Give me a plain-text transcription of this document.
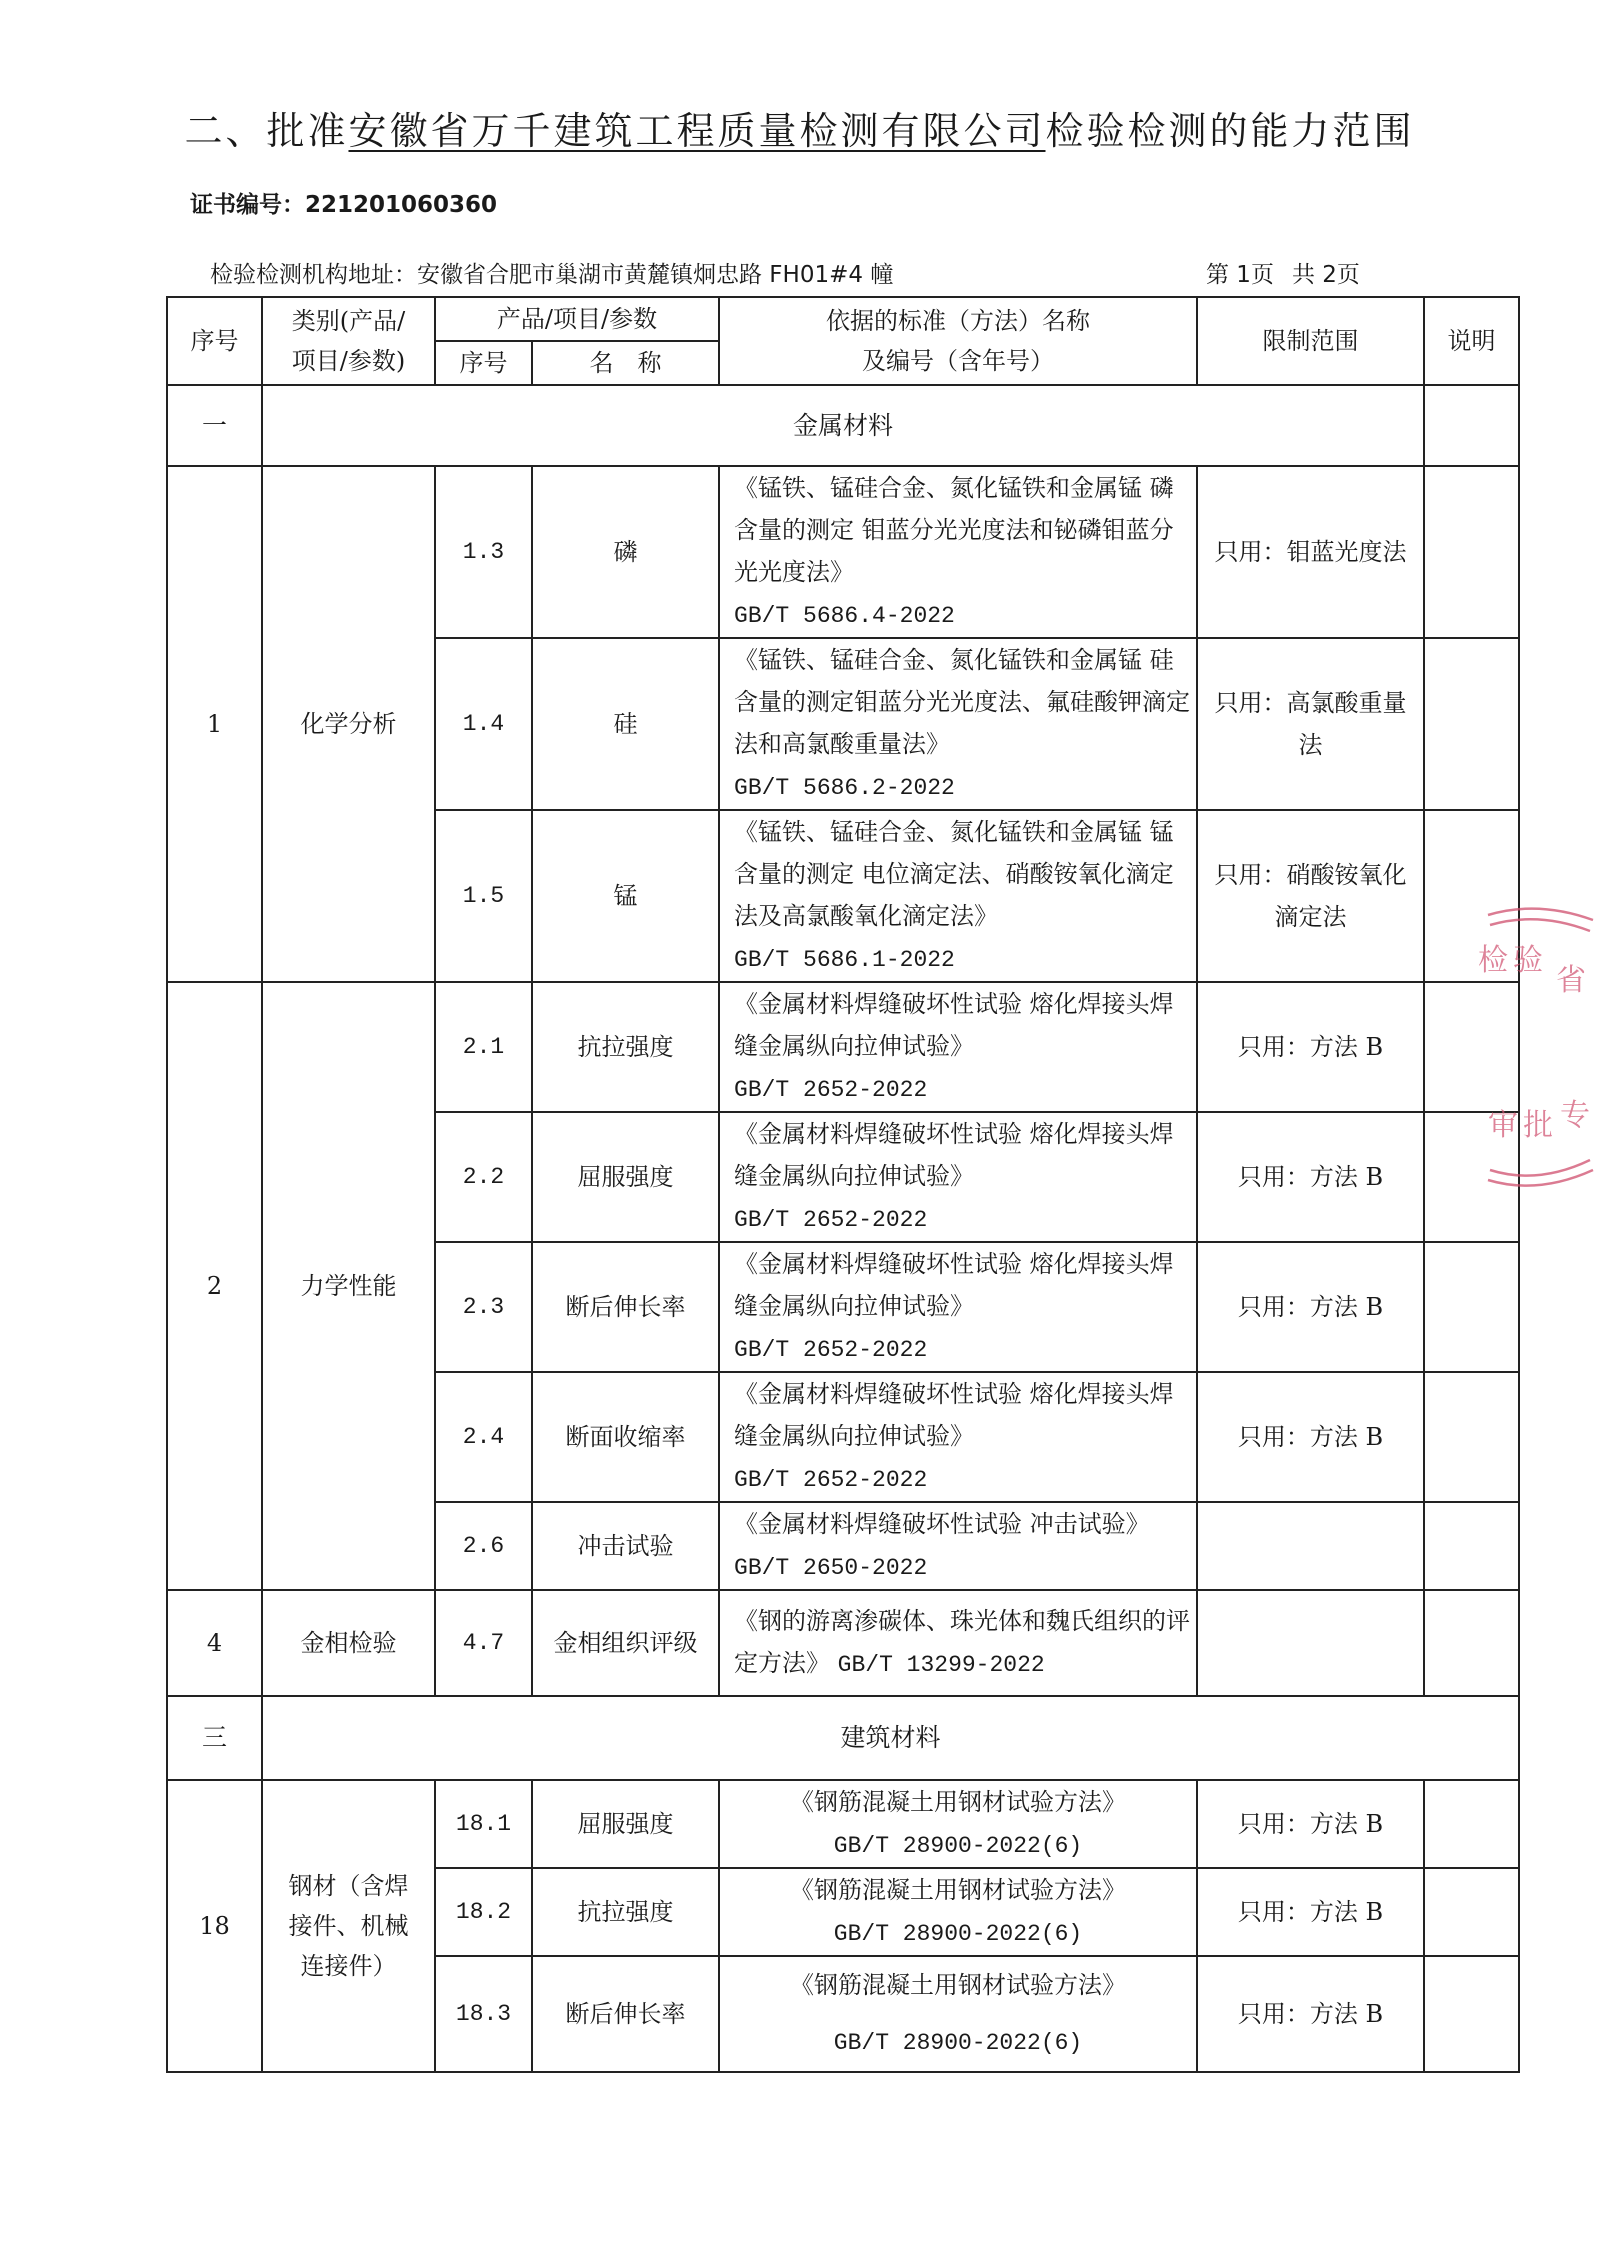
二、批准安徽省万千建筑工程质量检测有限公司检验检测的能力范围
证书编号：221201060360
检验检测机构地址：安徽省合肥市巢湖市黄麓镇炯忠路 FH01#4 幢	第 1页 共 2页
序号	类别(产品/
项目/参数)	产品/项目/参数		依据的标准（方法）名称
及编号（含年号）	限制范围	说明
		序号	名　称			
一	金属材料					
1	化学分析	1.3	磷	《锰铁、锰硅合金、氮化锰铁和金属锰 磷含量的测定 钼蓝分光光度法和铋磷钼蓝分光光度法》
GB/T 5686.4-2022	只用：钼蓝光度法	
		1.4	硅	《锰铁、锰硅合金、氮化锰铁和金属锰 硅含量的测定钼蓝分光光度法、氟硅酸钾滴定法和高氯酸重量法》
GB/T 5686.2-2022	只用：高氯酸重量法	
		1.5	锰	《锰铁、锰硅合金、氮化锰铁和金属锰 锰含量的测定 电位滴定法、硝酸铵氧化滴定法及高氯酸氧化滴定法》
GB/T 5686.1-2022	只用：硝酸铵氧化滴定法	
2	力学性能	2.1	抗拉强度	《金属材料焊缝破坏性试验 熔化焊接头焊缝金属纵向拉伸试验》
GB/T 2652-2022	只用：方法 B	
		2.2	屈服强度	《金属材料焊缝破坏性试验 熔化焊接头焊缝金属纵向拉伸试验》
GB/T 2652-2022	只用：方法 B	
		2.3	断后伸长率	《金属材料焊缝破坏性试验 熔化焊接头焊缝金属纵向拉伸试验》
GB/T 2652-2022	只用：方法 B	
		2.4	断面收缩率	《金属材料焊缝破坏性试验 熔化焊接头焊缝金属纵向拉伸试验》
GB/T 2652-2022	只用：方法 B	
		2.6	冲击试验	《金属材料焊缝破坏性试验 冲击试验》 GB/T 2650-2022		
4	金相检验	4.7	金相组织评级	《钢的游离渗碳体、珠光体和魏氏组织的评定方法》 GB/T 13299-2022		
三	建筑材料					
18	钢材（含焊
接件、机械
连接件）	18.1	屈服强度	《钢筋混凝土用钢材试验方法》
GB/T 28900-2022(6)	只用：方法 B	
		18.2	抗拉强度	《钢筋混凝土用钢材试验方法》
GB/T 28900-2022(6)	只用：方法 B	
		18.3	断后伸长率	《钢筋混凝土用钢材试验方法》
GB/T 28900-2022(6)	只用：方法 B	
检 验
省
审 批 专
